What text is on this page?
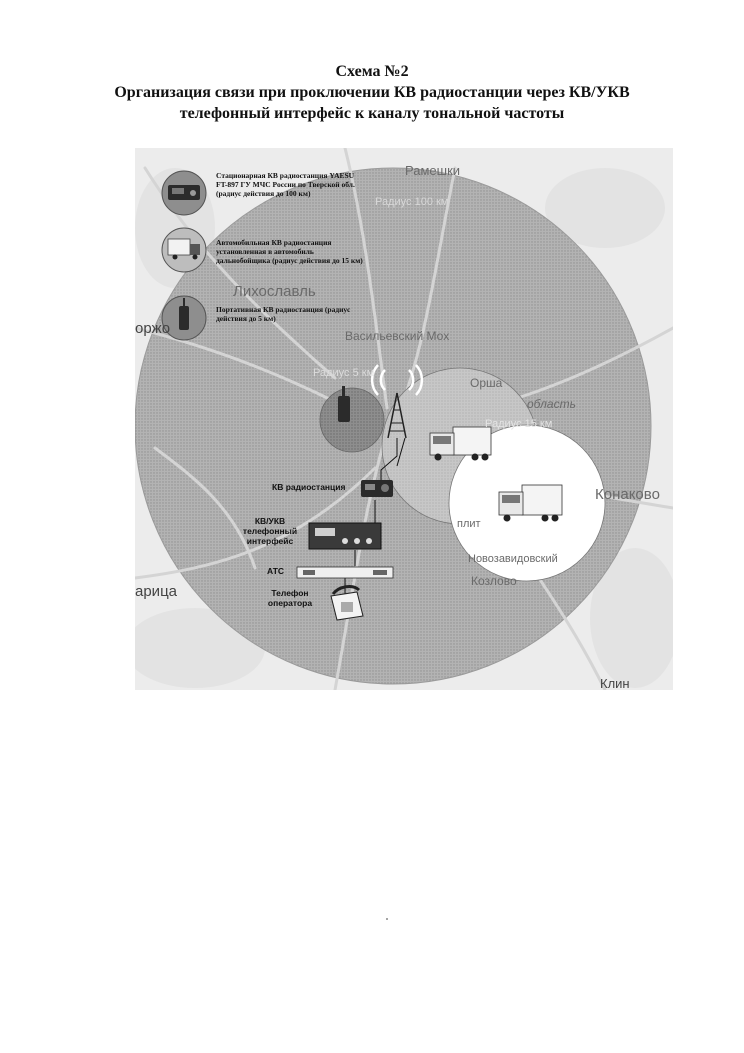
Схема №2
Организация связи при проключении КВ радиостанции через КВ/УКВ
телефонный интерфейс к каналу тональной частоты
Рамешки
Лихославль
Васильевский Мох
Орша
область
Конаково
плит
Новозавидовский
Козлово
Клин
оржо
арица
Радиус 100 км
Радиус 5 км
Радиус 15 км
Стационарная КВ радиостанция YAESU FT-897 ГУ МЧС России по Тверской обл. (радиус действия до 100 км)
Автомобильная КВ радиостанция установленная в автомобиль дальнобойщика (радиус действия до 15 км)
Портативная КВ радиостанция (радиус действия до 5 км)
КВ радиостанция
КВ/УКВ
телефонный
интерфейс
АТС
Телефон
оператора
